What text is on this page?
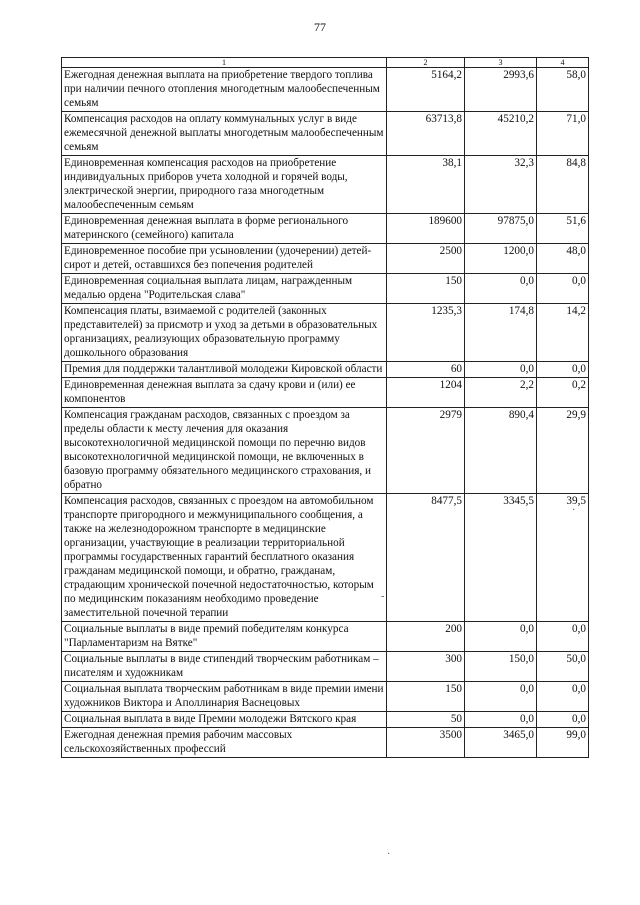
77
1	2	3	4
Ежегодная денежная выплата на приобретение твердого топлива при наличии печного отопления многодетным малообеспеченным семьям	5164,2	2993,6	58,0
Компенсация расходов на оплату коммунальных услуг в виде ежемесячной денежной выплаты многодетным малообеспеченным семьям	63713,8	45210,2	71,0
Единовременная компенсация расходов на приобретение индивидуальных приборов учета холодной и горячей воды, электрической энергии, природного газа многодетным малообеспеченным семьям	38,1	32,3	84,8
Единовременная денежная выплата в форме регионального материнского (семейного) капитала	189600	97875,0	51,6
Единовременное пособие при усыновлении (удочерении) детей-сирот и детей, оставшихся без попечения родителей	2500	1200,0	48,0
Единовременная социальная выплата лицам, награжденным медалью ордена "Родительская слава"	150	0,0	0,0
Компенсация платы, взимаемой с родителей (законных представителей) за присмотр и уход за детьми в образовательных организациях, реализующих образовательную программу дошкольного образования	1235,3	174,8	14,2
Премия для поддержки талантливой молодежи Кировской области	60	0,0	0,0
Единовременная денежная выплата за сдачу крови и (или) ее компонентов	1204	2,2	0,2
Компенсация гражданам расходов, связанных с проездом за пределы области к месту лечения для оказания высокотехнологичной медицинской помощи по перечню видов высокотехнологичной медицинской помощи, не включенных в базовую программу обязательного медицинского страхования, и обратно	2979	890,4	29,9
Компенсация расходов, связанных с проездом на автомобильном транспорте пригородного и межмуниципального сообщения, а также на железнодорожном транспорте в медицинские организации, участвующие в реализации территориальной программы государственных гарантий бесплатного оказания гражданам медицинской помощи, и обратно, гражданам, страдающим хронической почечной недостаточностью, которым по медицинским показаниям необходимо проведение заместительной почечной терапии	8477,5	3345,5	39,5
Социальные выплаты в виде премий победителям конкурса "Парламентаризм на Вятке"	200	0,0	0,0
Социальные выплаты в виде стипендий творческим работникам – писателям и художникам	300	150,0	50,0
Социальная выплата творческим работникам в виде премии имени художников Виктора и Аполлинария Васнецовых	150	0,0	0,0
Социальная выплата в виде Премии молодежи Вятского края	50	0,0	0,0
Ежегодная денежная премия рабочим массовых сельскохозяйственных профессий	3500	3465,0	99,0
-
·
·
